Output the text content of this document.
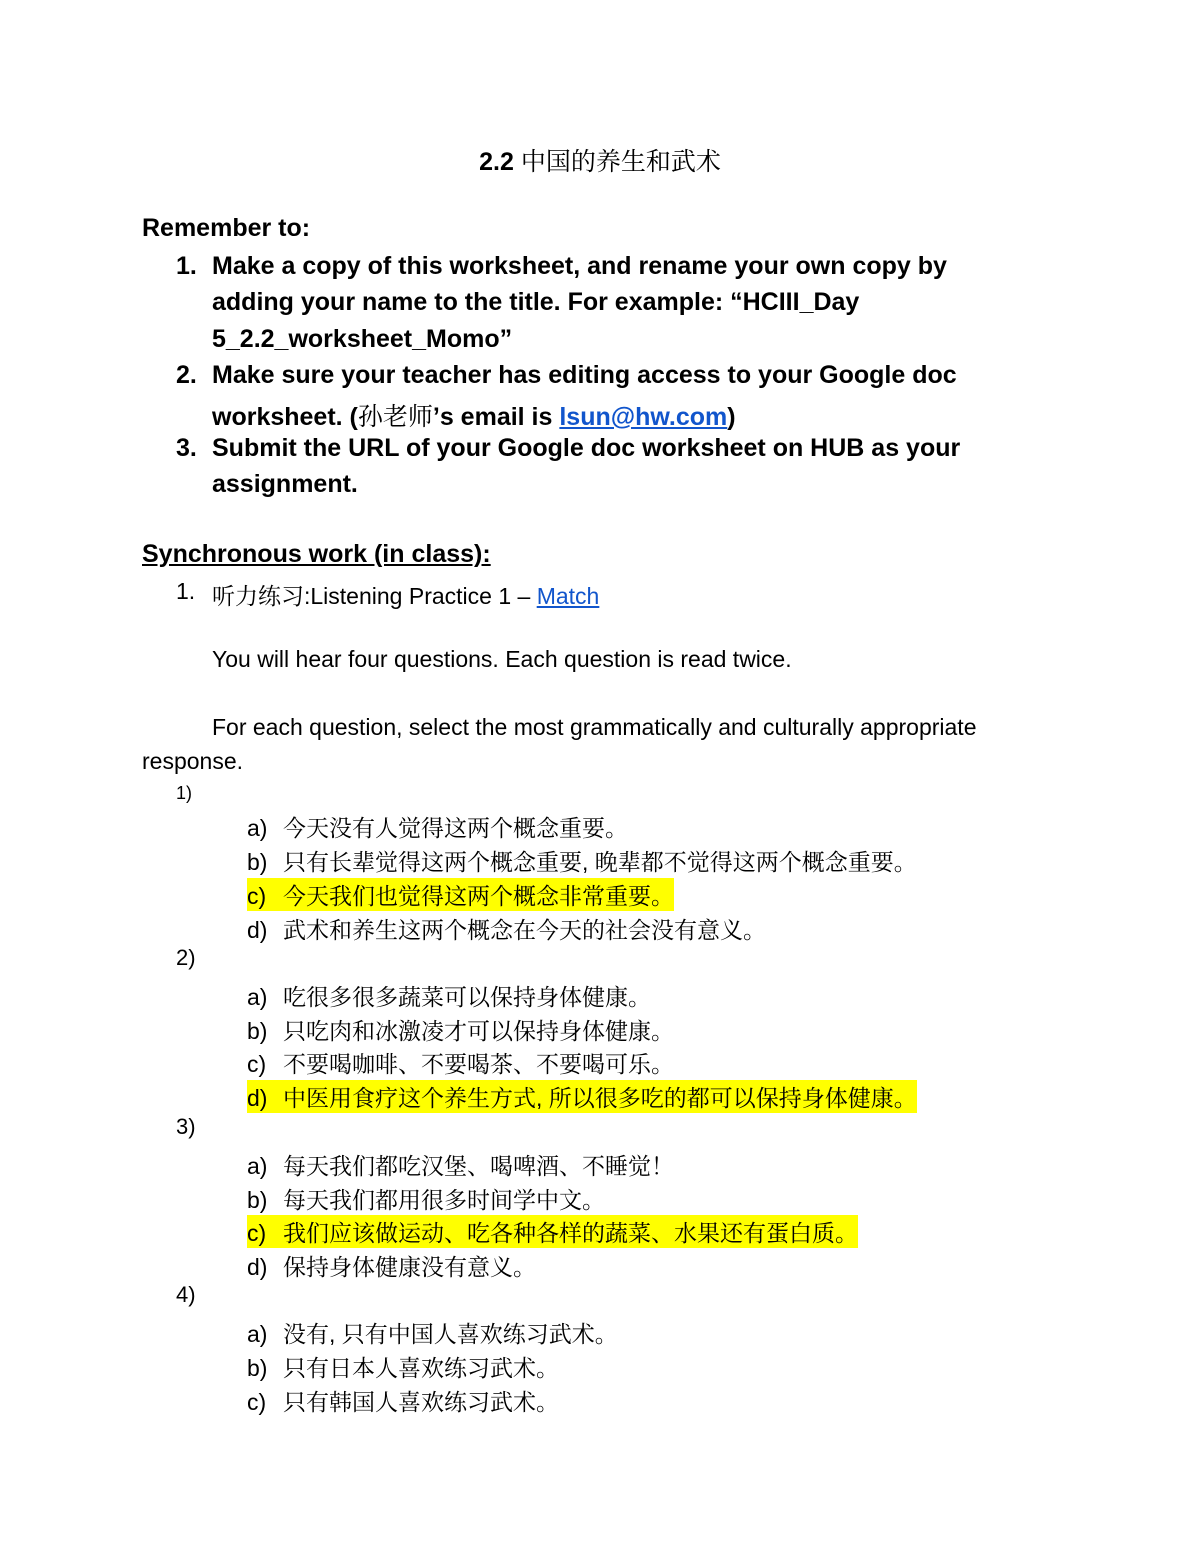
2.2 中国的养生和武术
Remember to:
1. Make a copy of this worksheet, and rename your own copy by
adding your name to the title. For example: “HCIII_Day
5_2.2_worksheet_Momo”
2. Make sure your teacher has editing access to your Google doc
worksheet. (孙老师’s email is lsun@hw.com)
3. Submit the URL of your Google doc worksheet on HUB as your
assignment.
Synchronous work (in class):
1. 听力练习:Listening Practice 1 – Match
You will hear four questions. Each question is read twice.
For each question, select the most grammatically and culturally appropriate
response.
1)
a) 今天没有人觉得这两个概念重要。
b) 只有长辈觉得这两个概念重要, 晚辈都不觉得这两个概念重要。
c) 今天我们也觉得这两个概念非常重要。
d) 武术和养生这两个概念在今天的社会没有意义。
2)
a) 吃很多很多蔬菜可以保持身体健康。
b) 只吃肉和冰激凌才可以保持身体健康。
c) 不要喝咖啡、不要喝茶、不要喝可乐。
d) 中医用食疗这个养生方式, 所以很多吃的都可以保持身体健康。
3)
a) 每天我们都吃汉堡、喝啤酒、不睡觉！
b) 每天我们都用很多时间学中文。
c) 我们应该做运动、吃各种各样的蔬菜、水果还有蛋白质。
d) 保持身体健康没有意义。
4)
a) 没有, 只有中国人喜欢练习武术。
b) 只有日本人喜欢练习武术。
c) 只有韩国人喜欢练习武术。
